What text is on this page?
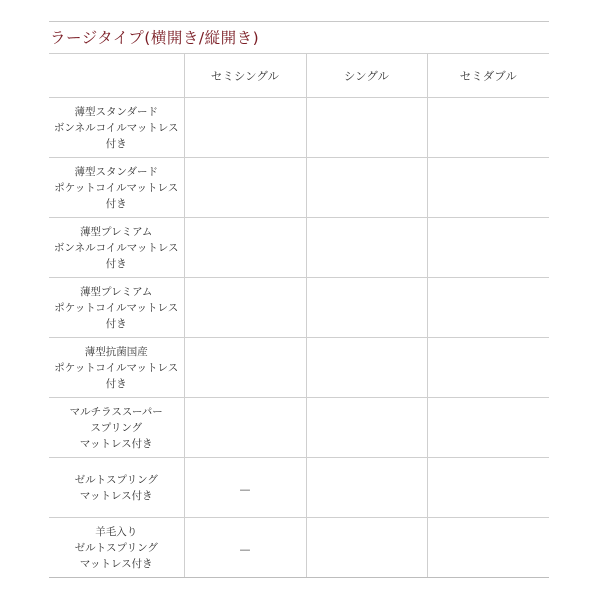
ラージタイプ(横開き/縦開き)
	セミシングル	シングル	セミダブル

薄型スタンダード
ボンネルコイルマットレス
付き			

薄型スタンダード
ポケットコイルマットレス
付き			

薄型プレミアム
ボンネルコイルマットレス
付き			

薄型プレミアム
ポケットコイルマットレス
付き			

薄型抗菌国産
ポケットコイルマットレス
付き			

マルチラススーパー
スプリング
マットレス付き			

ゼルトスプリング
マットレス付き	—		

羊毛入り
ゼルトスプリング
マットレス付き	—		
